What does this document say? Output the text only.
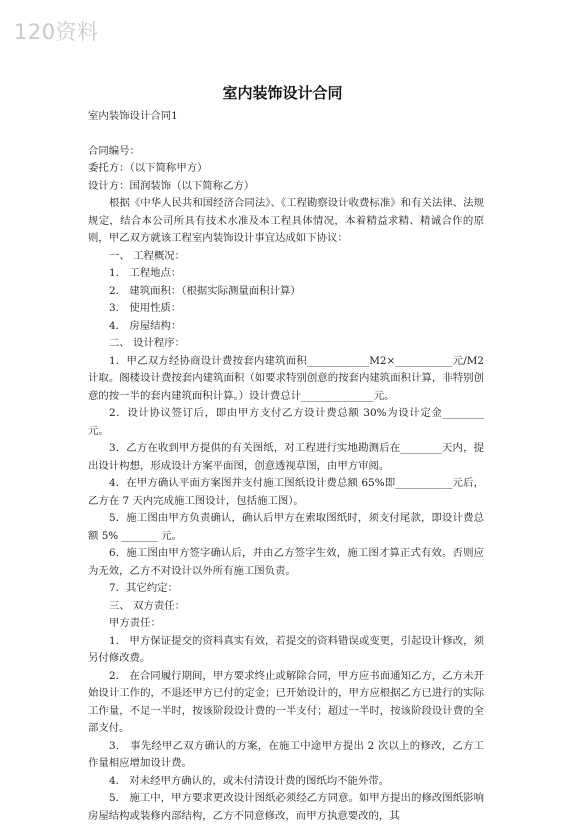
120资料
室内装饰设计合同

室内装饰设计合同1

合同编号：

委托方：（以下简称甲方）

设计方：国润装饰（以下简称乙方）

根据《中华人民共和国经济合同法》、《工程勘察设计收费标准》和有关法律、法规规定，结合本公司所具有技术水准及本工程具体情况，本着精益求精、精诚合作的原则，甲乙双方就该工程室内装饰设计事宜达成如下协议：

一、 工程概况：

1． 工程地点：

2． 建筑面积：（根据实际测量面积计算）

3． 使用性质：

4． 房屋结构：

二、 设计程序：

1．甲乙双方经协商设计费按套内建筑面积____________M2×___________元/M2计取。阁楼设计费按套内建筑面积（如要求特别创意的按套内建筑面积计算，非特别创意的按一半的套内建筑面积计算。）设计费总计______________元。

2．设计协议签订后，即由甲方支付乙方设计费总额 30%为设计定金________元。

3．乙方在收到甲方提供的有关图纸，对工程进行实地勘测后在________天内，提出设计构想，形成设计方案平面图，创意透视草图，由甲方审阅。

4．在甲方确认平面方案图并支付施工图纸设计费总额 65%即___________元后，乙方在 7 天内完成施工图设计，包括施工图）。

5．施工图由甲方负责确认，确认后甲方在索取图纸时，须支付尾款，即设计费总额 5% _______ 元。

6．施工图由甲方签字确认后，并由乙方签字生效，施工图才算正式有效。否则应为无效，乙方不对设计以外所有施工图负责。

7．其它约定：

三、 双方责任：

甲方责任：

1． 甲方保证提交的资料真实有效，若提交的资料错误或变更，引起设计修改，须另付修改费。

2． 在合同履行期间，甲方要求终止或解除合同，甲方应书面通知乙方，乙方未开始设计工作的，不退还甲方已付的定金；已开始设计的，甲方应根据乙方已进行的实际工作量，不足一半时，按该阶段设计费的一半支付；超过一半时，按该阶段设计费的全部支付。

3． 事先经甲乙双方确认的方案，在施工中途甲方提出 2 次以上的修改，乙方工作量相应增加设计费。

4． 对未经甲方确认的，或未付清设计费的图纸均不能外带。

5． 施工中，甲方要求更改设计图纸必须经乙方同意。如甲方提出的修改图纸影响房屋结构或装修内部结构，乙方不同意修改，而甲方执意要改的，其
